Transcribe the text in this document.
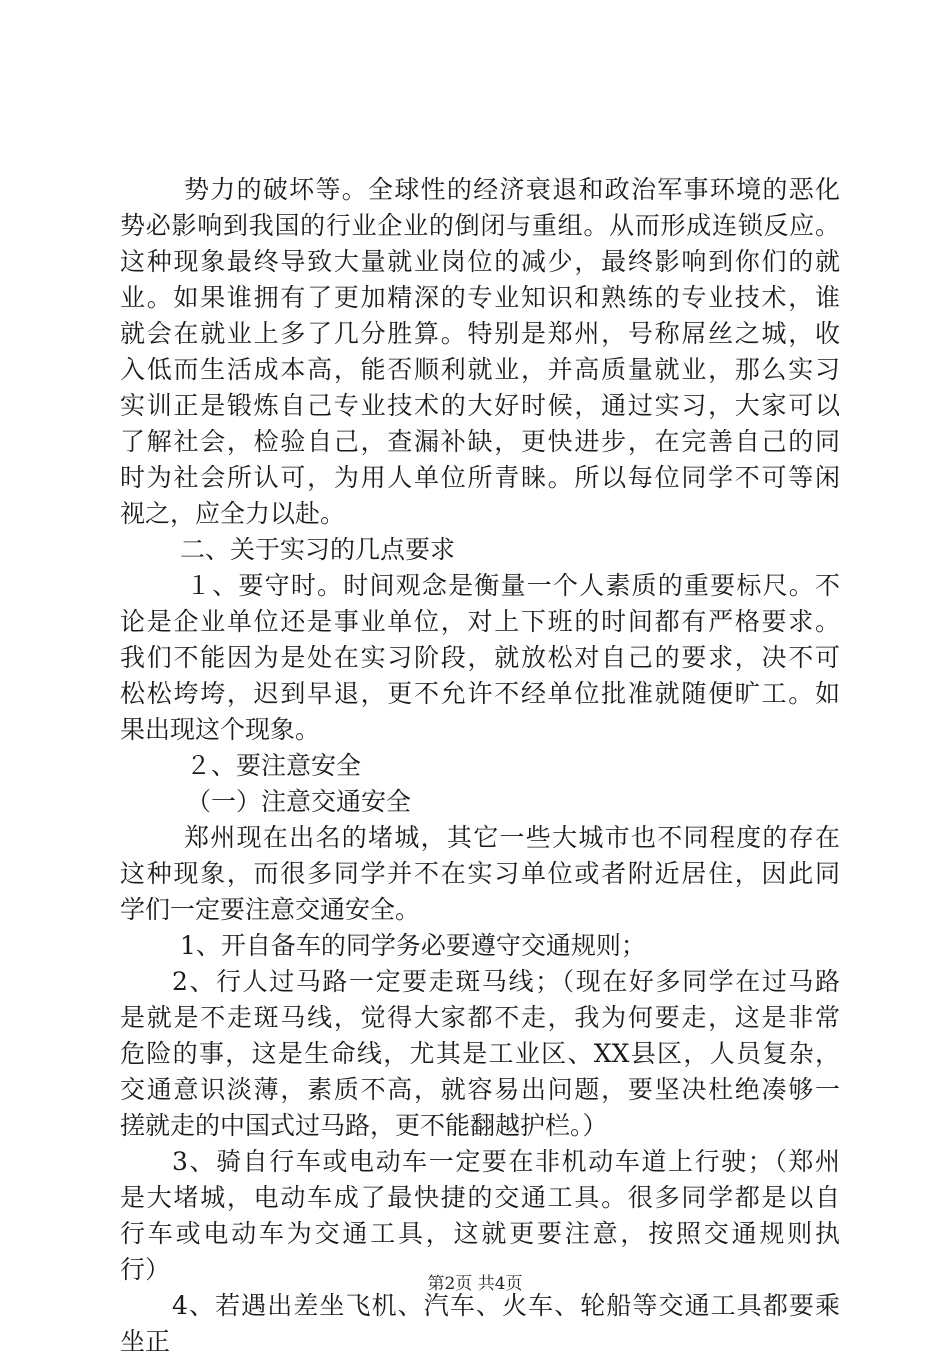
势力的破坏等。全球性的经济衰退和政治军事环境的恶化
势必影响到我国的行业企业的倒闭与重组。从而形成连锁反应。
这种现象最终导致大量就业岗位的减少，最终影响到你们的就
业。如果谁拥有了更加精深的专业知识和熟练的专业技术，谁
就会在就业上多了几分胜算。特别是郑州，号称屌丝之城，收
入低而生活成本高，能否顺利就业，并高质量就业，那么实习
实训正是锻炼自己专业技术的大好时候，通过实习，大家可以
了解社会，检验自己，查漏补缺，更快进步，在完善自己的同
时为社会所认可，为用人单位所青睐。所以每位同学不可等闲
视之，应全力以赴。
二、关于实习的几点要求
１、要守时。时间观念是衡量一个人素质的重要标尺。不
论是企业单位还是事业单位，对上下班的时间都有严格要求。
我们不能因为是处在实习阶段，就放松对自己的要求，决不可
松松垮垮，迟到早退，更不允许不经单位批准就随便旷工。如
果出现这个现象。
２、要注意安全
（一）注意交通安全
郑州现在出名的堵城，其它一些大城市也不同程度的存在
这种现象，而很多同学并不在实习单位或者附近居住，因此同
学们一定要注意交通安全。
1、开自备车的同学务必要遵守交通规则；
2、行人过马路一定要走斑马线；（现在好多同学在过马路
是就是不走斑马线，觉得大家都不走，我为何要走，这是非常
危险的事，这是生命线，尤其是工业区、XX县区，人员复杂，
交通意识淡薄，素质不高，就容易出问题，要坚决杜绝凑够一
搓就走的中国式过马路，更不能翻越护栏。）
3、骑自行车或电动车一定要在非机动车道上行驶；（郑州
是大堵城，电动车成了最快捷的交通工具。很多同学都是以自
行车或电动车为交通工具，这就更要注意，按照交通规则执
行）
4、若遇出差坐飞机、汽车、火车、轮船等交通工具都要乘
坐正
第2页 共4页
